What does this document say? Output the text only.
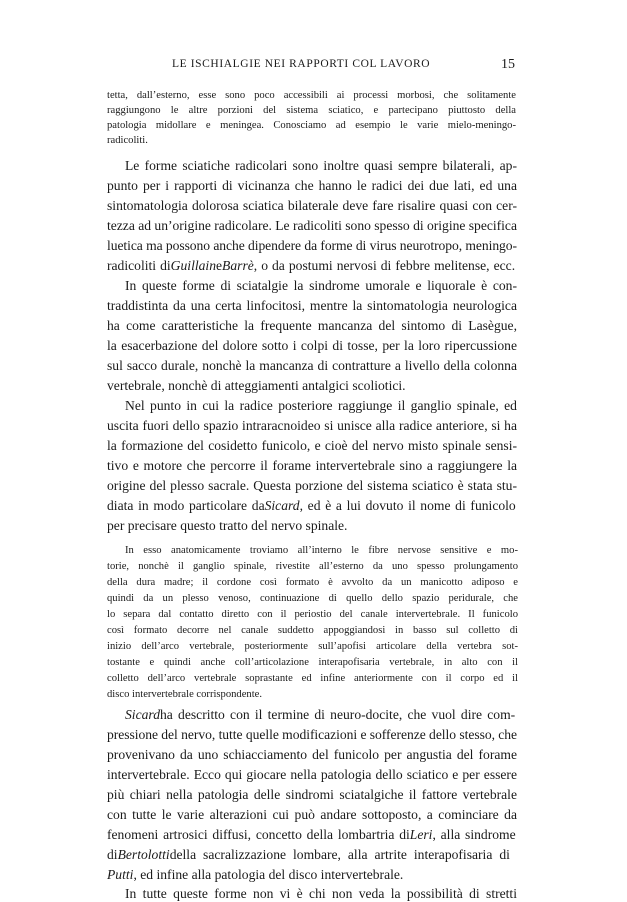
LE ISCHIALGIE NEI RAPPORTI COL LAVORO	15
tetta, dall’esterno, esse sono poco accessibili ai processi morbosi, che solitamente
raggiungono le altre porzioni del sistema sciatico, e partecipano piuttosto della
patologia midollare e meningea. Conosciamo ad esempio le varie mielo-meningo-
radicoliti.
Le forme sciatiche radicolari sono inoltre quasi sempre bilaterali, ap-
punto per i rapporti di vicinanza che hanno le radici dei due lati, ed una
sintomatologia dolorosa sciatica bilaterale deve fare risalire quasi con cer-
tezza ad un’origine radicolare. Le radicoliti sono spesso di origine specifica
luetica ma possono anche dipendere da forme di virus neurotropo, meningo-
radicoliti diGuillaineBarrè, o da postumi nervosi di febbre melitense, ecc.
In queste forme di sciatalgie la sindrome umorale e liquorale è con-
traddistinta da una certa linfocitosi, mentre la sintomatologia neurologica
ha come caratteristiche la frequente mancanza del sintomo di Lasègue,
la esacerbazione del dolore sotto i colpi di tosse, per la loro ripercussione
sul sacco durale, nonchè la mancanza di contratture a livello della colonna
vertebrale, nonchè di atteggiamenti antalgici scoliotici.
Nel punto in cui la radice posteriore raggiunge il ganglio spinale, ed
uscita fuori dello spazio intraracnoideo si unisce alla radice anteriore, si ha
la formazione del cosidetto funicolo, e cioè del nervo misto spinale sensi-
tivo e motore che percorre il forame intervertebrale sino a raggiungere la
origine del plesso sacrale. Questa porzione del sistema sciatico è stata stu-
diata in modo particolare daSicard, ed è a lui dovuto il nome di funicolo
per precisare questo tratto del nervo spinale.
In esso anatomicamente troviamo all’interno le fibre nervose sensitive e mo-
torie, nonchè il ganglio spinale, rivestite all’esterno da uno spesso prolungamento
della dura madre; il cordone così formato è avvolto da un manicotto adiposo e
quindi da un plesso venoso, continuazione di quello dello spazio peridurale, che
lo separa dal contatto diretto con il periostio del canale intervertebrale. Il funicolo
così formato decorre nel canale suddetto appoggiandosi in basso sul colletto di
inizio dell’arco vertebrale, posteriormente sull’apofisi articolare della vertebra sot-
tostante e quindi anche coll’articolazione interapofisaria vertebrale, in alto con il
colletto dell’arco vertebrale soprastante ed infine anteriormente con il corpo ed il
disco intervertebrale corrispondente.
Sicardha descritto con il termine di neuro-docite, che vuol dire com-
pressione del nervo, tutte quelle modificazioni e sofferenze dello stesso, che
provenivano da uno schiacciamento del funicolo per angustia del forame
intervertebrale. Ecco qui giocare nella patologia dello sciatico e per essere
più chiari nella patologia delle sindromi sciatalgiche il fattore vertebrale
con tutte le varie alterazioni cui può andare sottoposto, a cominciare da
fenomeni artrosici diffusi, concetto della lombartria diLeri, alla sindrome
diBertolottidella sacralizzazione lombare, alla artrite interapofisaria di
Putti, ed infine alla patologia del disco intervertebrale.
In tutte queste forme non vi è chi non veda la possibilità di stretti
